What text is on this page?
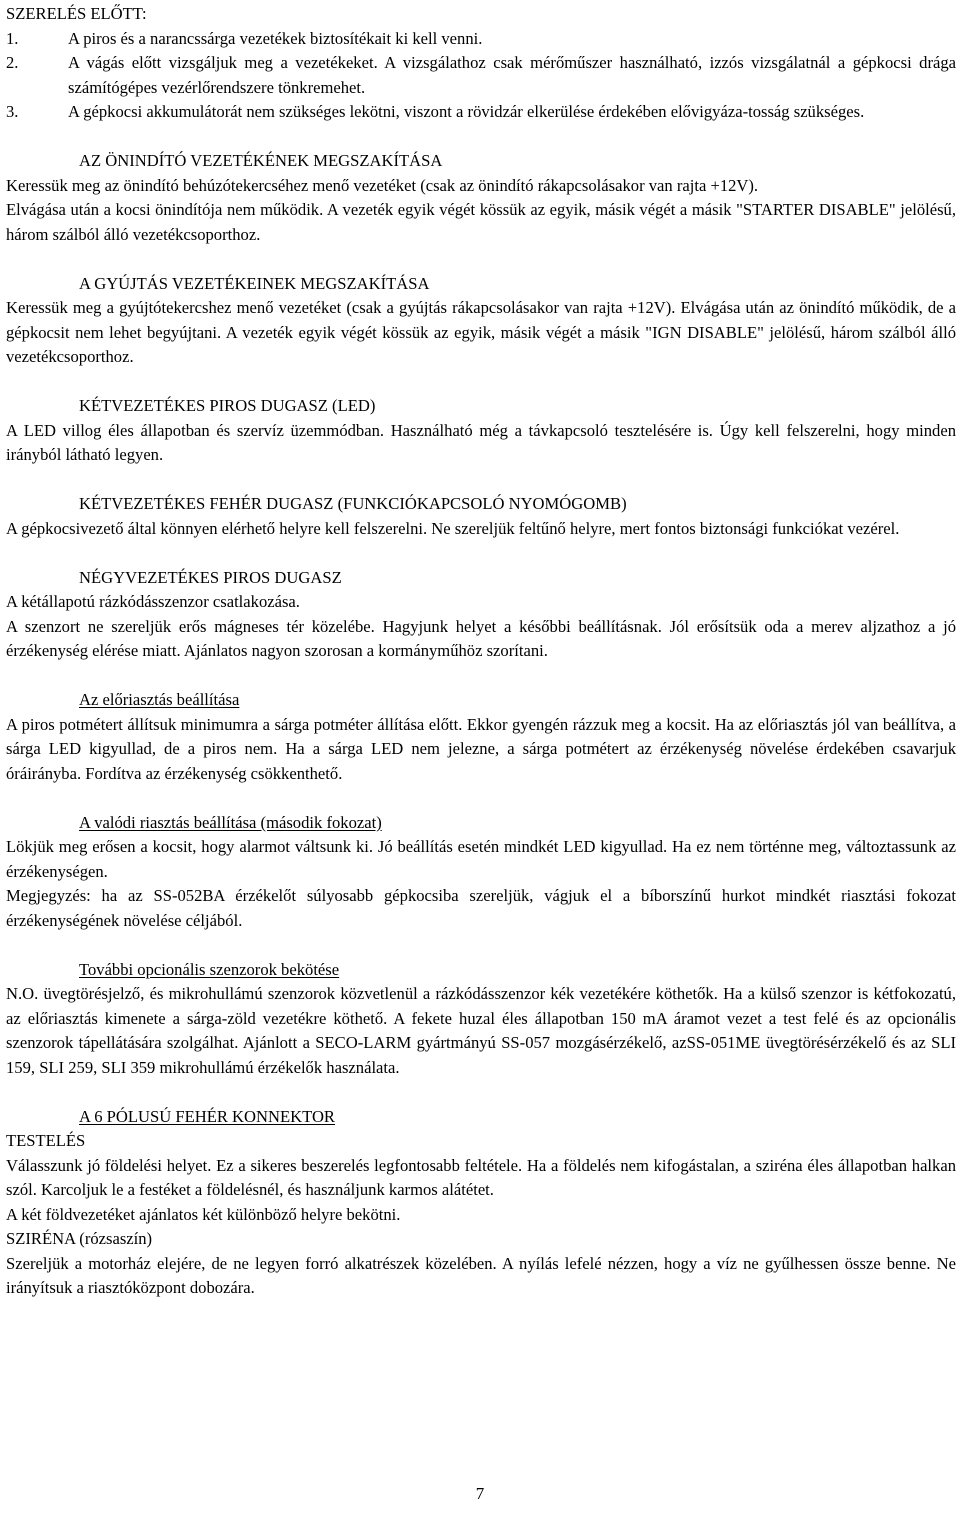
SZERELÉS ELŐTT:

1.	A piros és a narancssárga vezetékek biztosítékait ki kell venni.
2.	A vágás előtt vizsgáljuk meg a vezetékeket. A vizsgálathoz csak mérőműszer használható, izzós vizsgálatnál a gépkocsi drága számítógépes vezérlőrendszere tönkremehet.
3.	A gépkocsi akkumulátorát nem szükséges lekötni, viszont a rövidzár elkerülése érdekében elővigyáza-tosság szükséges.

AZ ÖNINDÍTÓ VEZETÉKÉNEK MEGSZAKÍTÁSA

Keressük meg az önindító behúzótekercséhez menő vezetéket (csak az önindító rákapcsolásakor van rajta +12V).

Elvágása után a kocsi önindítója nem működik. A vezeték egyik végét kössük az egyik, másik végét a másik "STARTER DISABLE" jelölésű, három szálból álló vezetékcsoporthoz.

A GYÚJTÁS VEZETÉKEINEK MEGSZAKÍTÁSA

Keressük meg a gyújtótekercshez menő vezetéket (csak a gyújtás rákapcsolásakor van rajta +12V). Elvágása után az önindító működik, de a gépkocsit nem lehet begyújtani. A vezeték egyik végét kössük az egyik, másik végét a másik "IGN DISABLE" jelölésű, három szálból álló vezetékcsoporthoz.

KÉTVEZETÉKES PIROS DUGASZ (LED)

A LED villog éles állapotban és szervíz üzemmódban. Használható még a távkapcsoló tesztelésére is. Úgy kell felszerelni, hogy minden irányból látható legyen.

KÉTVEZETÉKES FEHÉR DUGASZ (FUNKCIÓKAPCSOLÓ NYOMÓGOMB)

A gépkocsivezető által könnyen elérhető helyre kell felszerelni. Ne szereljük feltűnő helyre, mert fontos biztonsági funkciókat vezérel.

NÉGYVEZETÉKES PIROS DUGASZ

A kétállapotú rázkódásszenzor csatlakozása.

A szenzort ne szereljük erős mágneses tér közelébe. Hagyjunk helyet a későbbi beállításnak. Jól erősítsük oda a merev aljzathoz a jó érzékenység elérése miatt. Ajánlatos nagyon szorosan a kormányműhöz szorítani.

Az előriasztás beállítása

A piros potmétert állítsuk minimumra a sárga potméter állítása előtt. Ekkor gyengén rázzuk meg a kocsit. Ha az előriasztás jól van beállítva, a sárga LED kigyullad, de a piros nem. Ha a sárga LED nem jelezne, a sárga potmétert az érzékenység növelése érdekében csavarjuk óráirányba. Fordítva az érzékenység csökkenthető.

A valódi riasztás beállítása (második fokozat)

Lökjük meg erősen a kocsit, hogy alarmot váltsunk ki. Jó beállítás esetén mindkét LED kigyullad. Ha ez nem történne meg, változtassunk az érzékenységen.

Megjegyzés: ha az SS-052BA érzékelőt súlyosabb gépkocsiba szereljük, vágjuk el a bíborszínű hurkot mindkét riasztási fokozat érzékenységének növelése céljából.

További opcionális szenzorok bekötése

N.O. üvegtörésjelző, és mikrohullámú szenzorok közvetlenül a rázkódásszenzor kék vezetékére köthetők. Ha a külső szenzor is kétfokozatú, az előriasztás kimenete a sárga-zöld vezetékre köthető. A fekete huzal éles állapotban 150 mA áramot vezet a test felé és az opcionális szenzorok tápellátására szolgálhat. Ajánlott a SECO-LARM gyártmányú SS-057 mozgásérzékelő, azSS-051ME üvegtörésérzékelő és az SLI 159, SLI 259, SLI 359 mikrohullámú érzékelők használata.

A 6 PÓLUSÚ FEHÉR KONNEKTOR

TESTELÉS

Válasszunk jó földelési helyet. Ez a sikeres beszerelés legfontosabb feltétele. Ha a földelés nem kifogástalan, a sziréna éles állapotban halkan szól. Karcoljuk le a festéket a földelésnél, és használjunk karmos alátétet.

A két földvezetéket ajánlatos két különböző helyre bekötni.

SZIRÉNA (rózsaszín)

Szereljük a motorház elejére, de ne legyen forró alkatrészek közelében. A nyílás lefelé nézzen, hogy a víz ne gyűlhessen össze benne. Ne irányítsuk a riasztóközpont dobozára.

7
